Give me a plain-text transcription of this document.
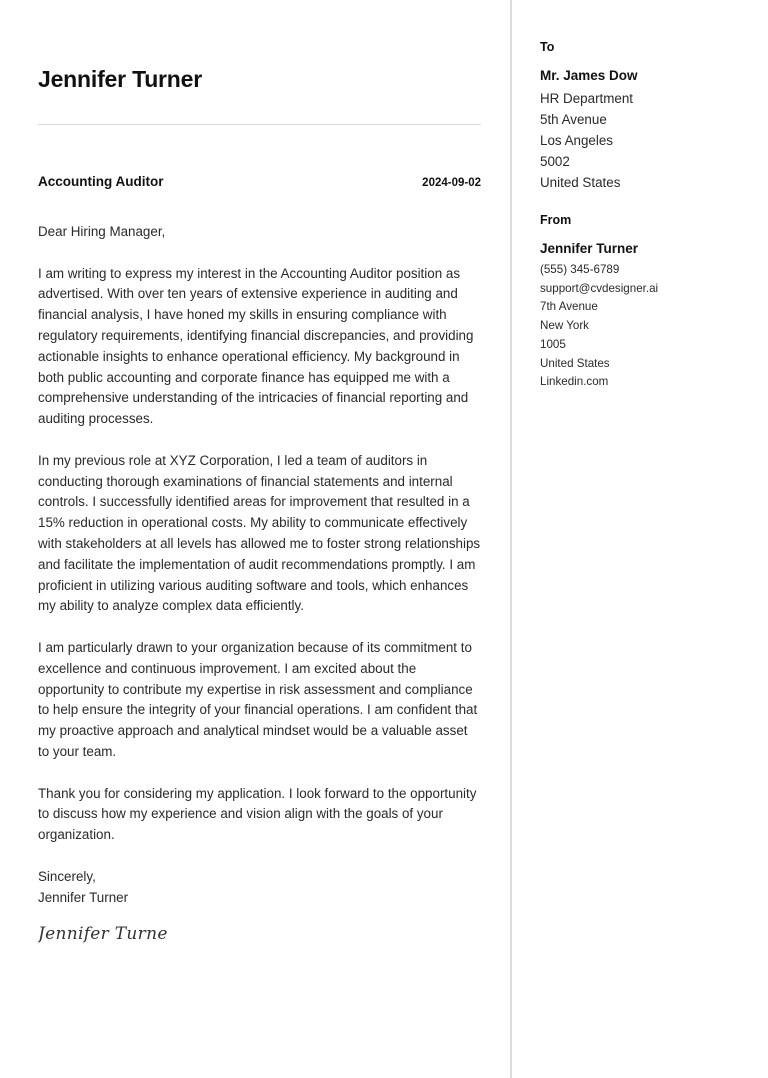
Jennifer Turner
Accounting Auditor	2024-09-02

Dear Hiring Manager,

I am writing to express my interest in the Accounting Auditor position as advertised. With over ten years of extensive experience in auditing and financial analysis, I have honed my skills in ensuring compliance with regulatory requirements, identifying financial discrepancies, and providing actionable insights to enhance operational efficiency. My background in both public accounting and corporate finance has equipped me with a comprehensive understanding of the intricacies of financial reporting and auditing processes.

In my previous role at XYZ Corporation, I led a team of auditors in conducting thorough examinations of financial statements and internal controls. I successfully identified areas for improvement that resulted in a 15% reduction in operational costs. My ability to communicate effectively with stakeholders at all levels has allowed me to foster strong relationships and facilitate the implementation of audit recommendations promptly. I am proficient in utilizing various auditing software and tools, which enhances my ability to analyze complex data efficiently.

I am particularly drawn to your organization because of its commitment to excellence and continuous improvement. I am excited about the opportunity to contribute my expertise in risk assessment and compliance to help ensure the integrity of your financial operations. I am confident that my proactive approach and analytical mindset would be a valuable asset to your team.

Thank you for considering my application. I look forward to the opportunity to discuss how my experience and vision align with the goals of your organization.

Sincerely,
Jennifer Turner
Jennifer Turner
To
Mr. James Dow
HR Department
5th Avenue
Los Angeles
5002
United States
From
Jennifer Turner
(555) 345-6789
support@cvdesigner.ai
7th Avenue
New York
1005
United States
Linkedin.com
